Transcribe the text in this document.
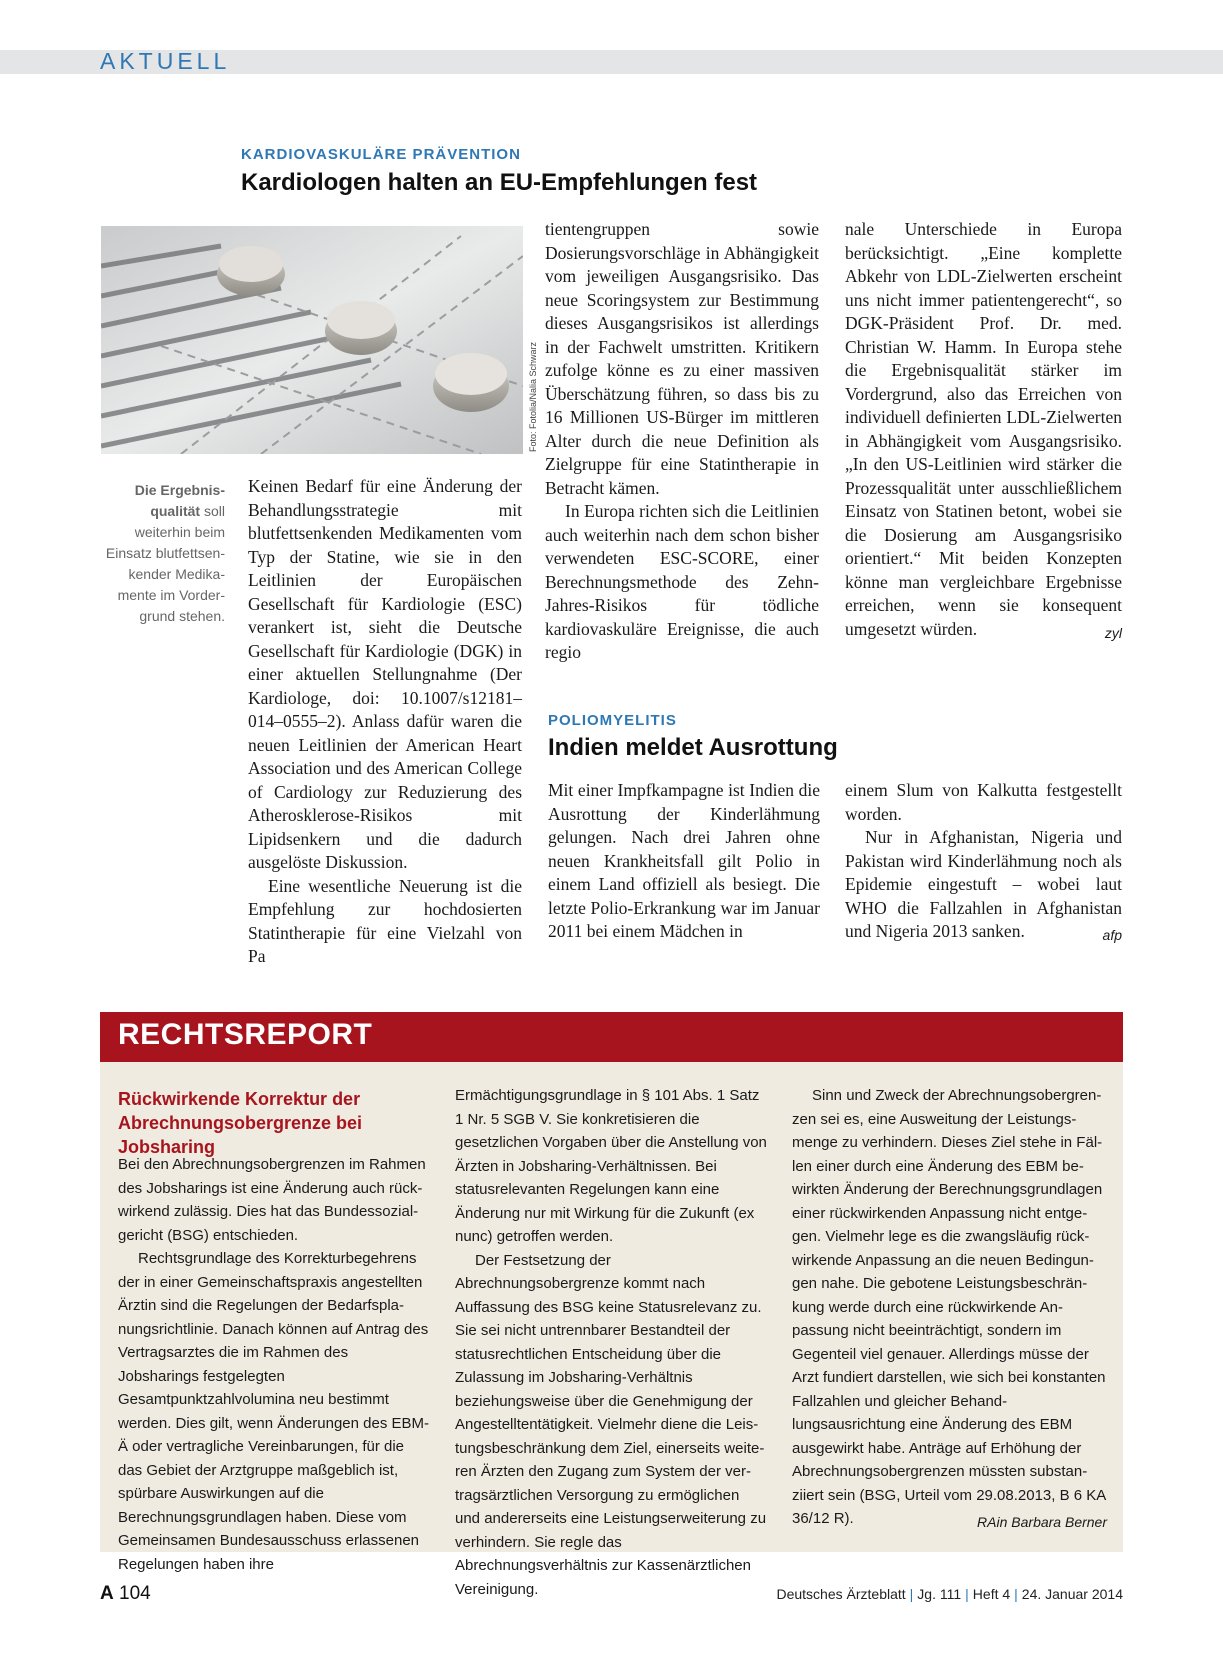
AKTUELL
KARDIOVASKULÄRE PRÄVENTION
Kardiologen halten an EU-Empfehlungen fest
Foto: Fotolia/Nalia Schwarz
Die Ergebnisqualität soll weiterhin beim Einsatz blutfettsenkender Medikamente im Vordergrund stehen.

Keinen Bedarf für eine Änderung der Behandlungsstrategie mit blutfettsenkenden Medikamenten vom Typ der Statine, wie sie in den Leitlinien der Europäischen Gesellschaft für Kardiologie (ESC) verankert ist, sieht die Deutsche Gesellschaft für Kardiologie (DGK) in einer aktuellen Stellungnahme (Der Kardiologe, doi: 10.1007/s12181–014–0555–2). Anlass dafür waren die neuen Leitlinien der American Heart Association und des American College of Cardiology zur Reduzierung des Atherosklerose-Risikos mit Lipidsenkern und die dadurch ausgelöste Diskussion.

Eine wesentliche Neuerung ist die Empfehlung zur hochdosierten Statintherapie für eine Vielzahl von Pa

tientengruppen sowie Dosierungsvorschläge in Abhängigkeit vom jeweiligen Ausgangsrisiko. Das neue Scoringsystem zur Bestimmung dieses Ausgangsrisikos ist allerdings in der Fachwelt umstritten. Kritikern zufolge könne es zu einer massiven Überschätzung führen, so dass bis zu 16 Millionen US-Bürger im mittleren Alter durch die neue Definition als Zielgruppe für eine Statintherapie in Betracht kämen.

In Europa richten sich die Leitlinien auch weiterhin nach dem schon bisher verwendeten ESC-SCORE, einer Berechnungsmethode des Zehn-Jahres-Risikos für tödliche kardiovaskuläre Ereignisse, die auch regio

nale Unterschiede in Europa berücksichtigt. „Eine komplette Abkehr von LDL-Zielwerten erscheint uns nicht immer patientengerecht“, so DGK-Präsident Prof. Dr. med. Christian W. Hamm. In Europa stehe die Ergebnisqualität stärker im Vordergrund, also das Erreichen von individuell definierten LDL-Zielwerten in Abhängigkeit vom Ausgangsrisiko. „In den US-Leitlinien wird stärker die Prozessqualität unter ausschließlichem Einsatz von Statinen betont, wobei sie die Dosierung am Ausgangsrisiko orientiert.“ Mit beiden Konzepten könne man vergleichbare Ergebnisse erreichen, wenn sie konsequent umgesetzt würden.	zyl

POLIOMYELITIS
Indien meldet Ausrottung

Mit einer Impfkampagne ist Indien die Ausrottung der Kinderlähmung gelungen. Nach drei Jahren ohne neuen Krankheitsfall gilt Polio in einem Land offiziell als besiegt. Die letzte Polio-Erkrankung war im Januar 2011 bei einem Mädchen in

einem Slum von Kalkutta festgestellt worden.

Nur in Afghanistan, Nigeria und Pakistan wird Kinderlähmung noch als Epidemie eingestuft – wobei laut WHO die Fallzahlen in Afghanistan und Nigeria 2013 sanken.	afp

RECHTSREPORT
Rückwirkende Korrektur der Abrechnungsobergrenze bei Jobsharing

Bei den Abrechnungsobergrenzen im Rahmen des Jobsharings ist eine Änderung auch rückwirkend zulässig. Dies hat das Bundessozialgericht (BSG) entschieden.

Rechtsgrundlage des Korrekturbegehrens der in einer Gemeinschaftspraxis angestellten Ärztin sind die Regelungen der Bedarfsplanungsrichtlinie. Danach können auf Antrag des Vertragsarztes die im Rahmen des Jobsharings festgelegten Gesamtpunktzahlvolumina neu bestimmt werden. Dies gilt, wenn Änderungen des EBM-Ä oder vertragliche Vereinbarungen, für die das Gebiet der Arztgruppe maßgeblich ist, spürbare Auswirkungen auf die Berechnungsgrundlagen haben. Diese vom Gemeinsamen Bundesausschuss erlassenen Regelungen haben ihre

Ermächtigungsgrundlage in § 101 Abs. 1 Satz 1 Nr. 5 SGB V. Sie konkretisieren die gesetzlichen Vorgaben über die Anstellung von Ärzten in Jobsharing-Verhältnissen. Bei statusrelevanten Regelungen kann eine Änderung nur mit Wirkung für die Zukunft (ex nunc) getroffen werden.

Der Festsetzung der Abrechnungsobergrenze kommt nach Auffassung des BSG keine Statusrelevanz zu. Sie sei nicht untrennbarer Bestandteil der statusrechtlichen Entscheidung über die Zulassung im Jobsharing-Verhältnis beziehungsweise über die Genehmigung der Angestelltentätigkeit. Vielmehr diene die Leistungsbeschränkung dem Ziel, einerseits weiteren Ärzten den Zugang zum System der vertragsärztlichen Versorgung zu ermöglichen und andererseits eine Leistungserweiterung zu verhindern. Sie regle das Abrechnungsverhältnis zur Kassenärztlichen Vereinigung.

Sinn und Zweck der Abrechnungsobergrenzen sei es, eine Ausweitung der Leistungsmenge zu verhindern. Dieses Ziel stehe in Fällen einer durch eine Änderung des EBM bewirkten Änderung der Berechnungsgrundlagen einer rückwirkenden Anpassung nicht entgegen. Vielmehr lege es die zwangsläufig rückwirkende Anpassung an die neuen Bedingungen nahe. Die gebotene Leistungsbeschränkung werde durch eine rückwirkende Anpassung nicht beeinträchtigt, sondern im Gegenteil viel genauer. Allerdings müsse der Arzt fundiert darstellen, wie sich bei konstanten Fallzahlen und gleicher Behandlungsausrichtung eine Änderung des EBM ausgewirkt habe. Anträge auf Erhöhung der Abrechnungsobergrenzen müssten substanziiert sein (BSG, Urteil vom 29.08.2013, B 6 KA 36/12 R).	RAin Barbara Berner

A 104	Deutsches Ärzteblatt | Jg. 111 | Heft 4 | 24. Januar 2014
